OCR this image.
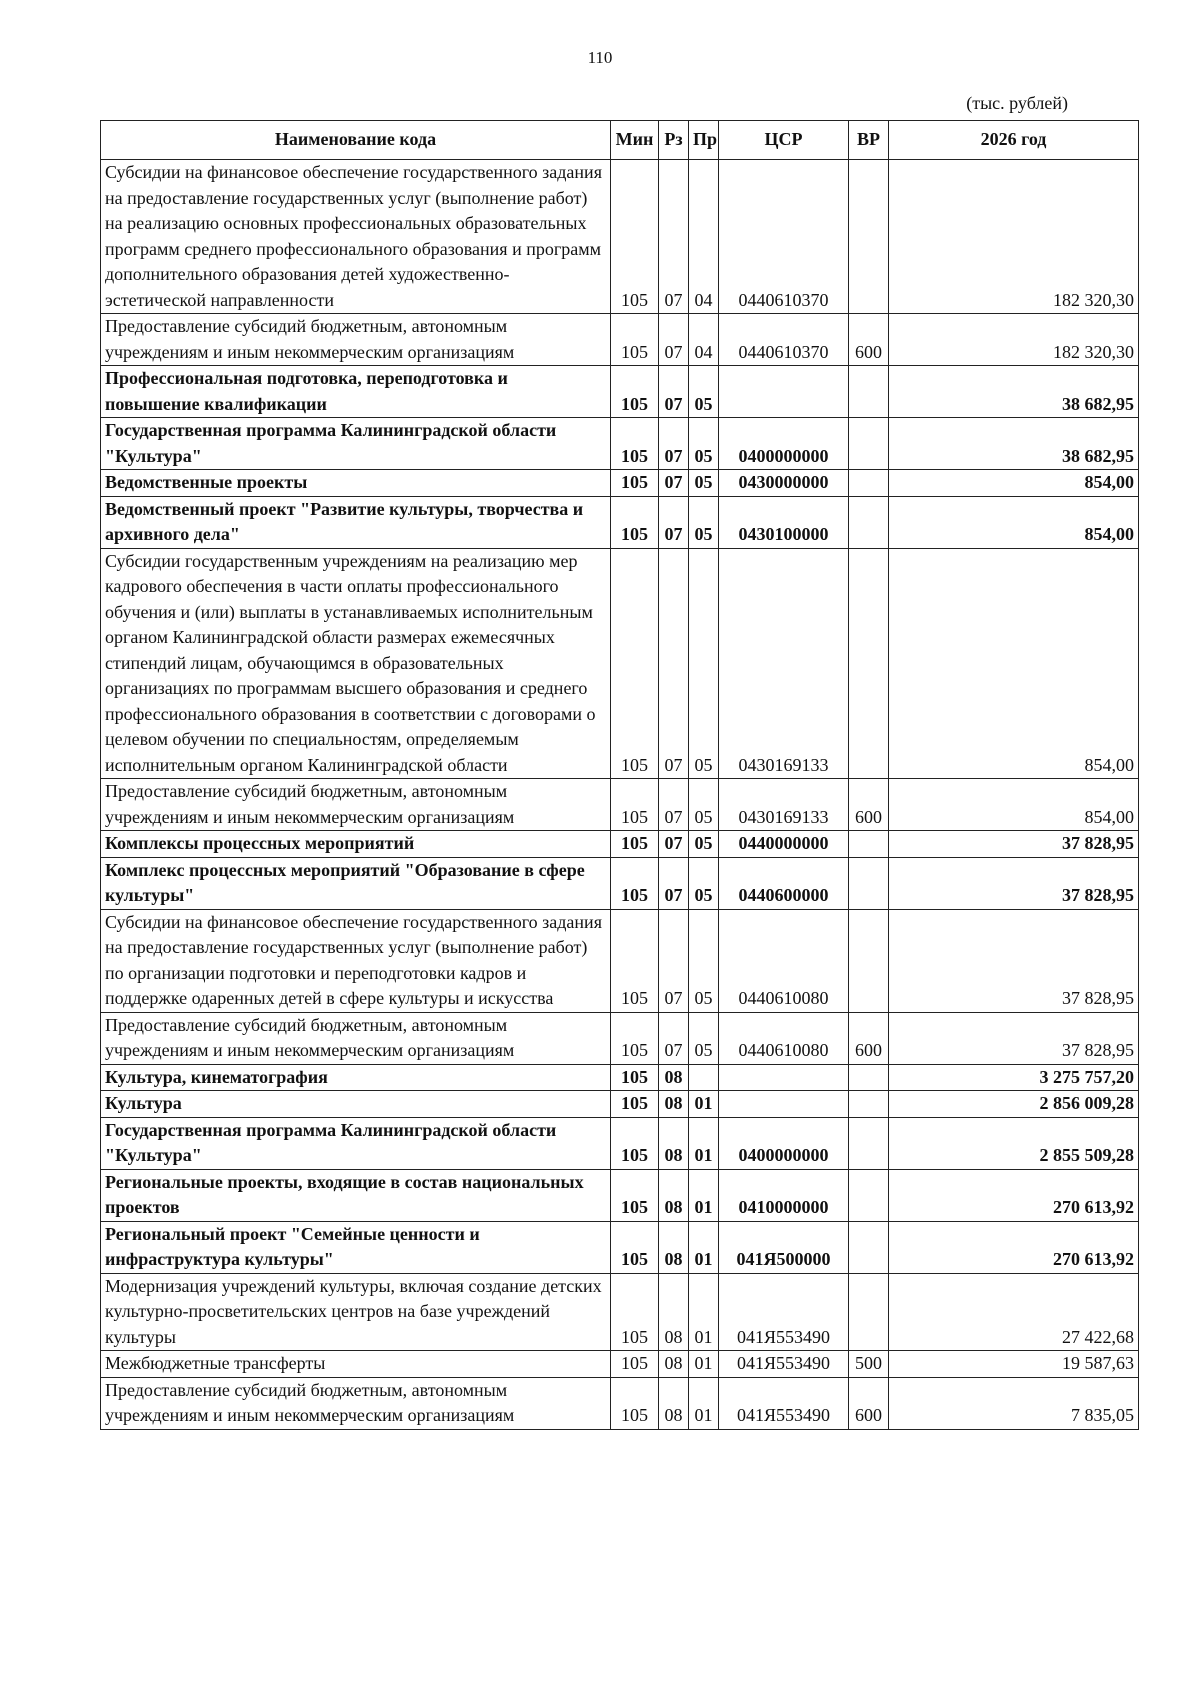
110
(тыс. рублей)
Наименование кода	Мин	Рз	Пр	ЦСР	ВР	2026 год
Субсидии на финансовое обеспечение государственного задания на предоставление государственных услуг (выполнение работ) на реализацию основных профессиональных образовательных программ среднего профессионального образования и программ дополнительного образования детей художественно-эстетической направленности	105	07	04	0440610370		182 320,30
Предоставление субсидий бюджетным, автономным учреждениям и иным некоммерческим организациям	105	07	04	0440610370	600	182 320,30
Профессиональная подготовка, переподготовка и повышение квалификации	105	07	05			38 682,95
Государственная программа Калининградской области "Культура"	105	07	05	0400000000		38 682,95
Ведомственные проекты	105	07	05	0430000000		854,00
Ведомственный проект "Развитие культуры, творчества и архивного дела"	105	07	05	0430100000		854,00
Субсидии государственным учреждениям на реализацию мер кадрового обеспечения в части оплаты профессионального обучения и (или) выплаты в устанавливаемых исполнительным органом Калининградской области размерах ежемесячных стипендий лицам, обучающимся в образовательных организациях по программам высшего образования и среднего профессионального образования в соответствии с договорами о целевом обучении по специальностям, определяемым исполнительным органом Калининградской области	105	07	05	0430169133		854,00
Предоставление субсидий бюджетным, автономным учреждениям и иным некоммерческим организациям	105	07	05	0430169133	600	854,00
Комплексы процессных мероприятий	105	07	05	0440000000		37 828,95
Комплекс процессных мероприятий "Образование в сфере культуры"	105	07	05	0440600000		37 828,95
Субсидии на финансовое обеспечение государственного задания на предоставление государственных услуг (выполнение работ) по организации подготовки и переподготовки кадров и поддержке одаренных детей в сфере культуры и искусства	105	07	05	0440610080		37 828,95
Предоставление субсидий бюджетным, автономным учреждениям и иным некоммерческим организациям	105	07	05	0440610080	600	37 828,95
Культура, кинематография	105	08				3 275 757,20
Культура	105	08	01			2 856 009,28
Государственная программа Калининградской области "Культура"	105	08	01	0400000000		2 855 509,28
Региональные проекты, входящие в состав национальных проектов	105	08	01	0410000000		270 613,92
Региональный проект "Семейные ценности и инфраструктура культуры"	105	08	01	041Я500000		270 613,92
Модернизация учреждений культуры, включая создание детских культурно-просветительских центров на базе учреждений культуры	105	08	01	041Я553490		27 422,68
Межбюджетные трансферты	105	08	01	041Я553490	500	19 587,63
Предоставление субсидий бюджетным, автономным учреждениям и иным некоммерческим организациям	105	08	01	041Я553490	600	7 835,05
